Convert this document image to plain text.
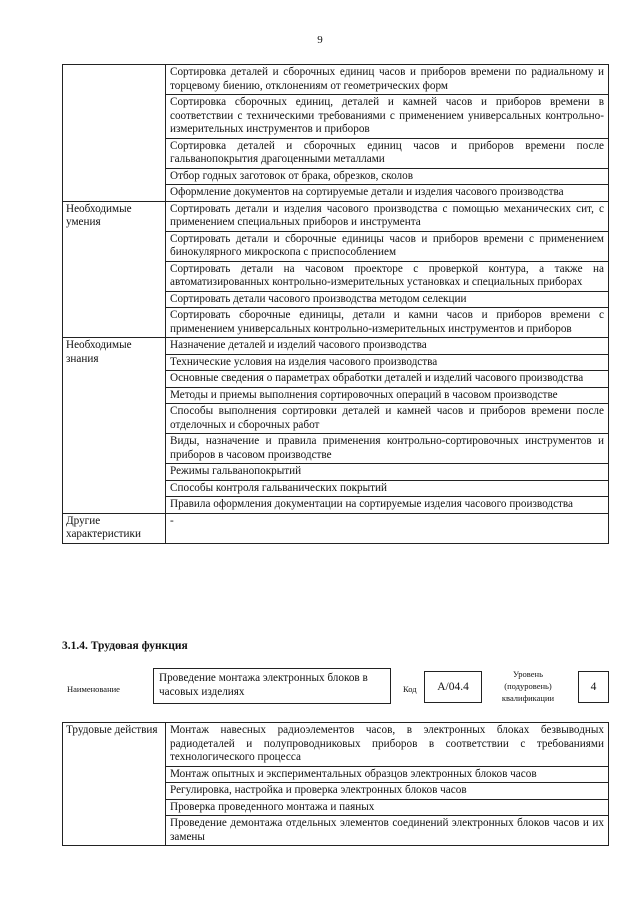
9
	Сортировка деталей и сборочных единиц часов и приборов времени по радиальному и торцевому биению, отклонениям от геометрических форм
	Сортировка сборочных единиц, деталей и камней часов и приборов времени в соответствии с техническими требованиями с применением универсальных контрольно-измерительных инструментов и приборов
	Сортировка деталей и сборочных единиц часов и приборов времени после гальванопокрытия драгоценными металлами
	Отбор годных заготовок от брака, обрезков, сколов
	Оформление документов на сортируемые детали и изделия часового производства
Необходимые умения	Сортировать детали и изделия часового производства с помощью механических сит, с применением специальных приборов и инструмента
	Сортировать детали и сборочные единицы часов и приборов времени с применением бинокулярного микроскопа с приспособлением
	Сортировать детали на часовом проекторе с проверкой контура, а также на автоматизированных контрольно-измерительных установках и специальных приборах
	Сортировать детали часового производства методом селекции
	Сортировать сборочные единицы, детали и камни часов и приборов времени с применением универсальных контрольно-измерительных инструментов и приборов
Необходимые знания	Назначение деталей и изделий часового производства
	Технические условия на изделия часового производства
	Основные сведения о параметрах обработки деталей и изделий часового производства
	Методы и приемы выполнения сортировочных операций в часовом производстве
	Способы выполнения сортировки деталей и камней часов и приборов времени после отделочных и сборочных работ
	Виды, назначение и правила применения контрольно-сортировочных инструментов и приборов в часовом производстве
	Режимы гальванопокрытий
	Способы контроля гальванических покрытий
	Правила оформления документации на сортируемые изделия часового производства
Другие характеристики	-
3.1.4. Трудовая функция
Наименование
Проведение монтажа электронных блоков в часовых изделиях	Код	А/04.4
Уровень (подуровень) квалификации
4
Трудовые действия	Монтаж навесных радиоэлементов часов, в электронных блоках безвыводных радиодеталей и полупроводниковых приборов в соответствии с требованиями технологического процесса
Монтаж опытных и экспериментальных образцов электронных блоков часов
Регулировка, настройка и проверка электронных блоков часов
Проверка проведенного монтажа и паяных
Проведение демонтажа отдельных элементов соединений электронных блоков часов и их замены
